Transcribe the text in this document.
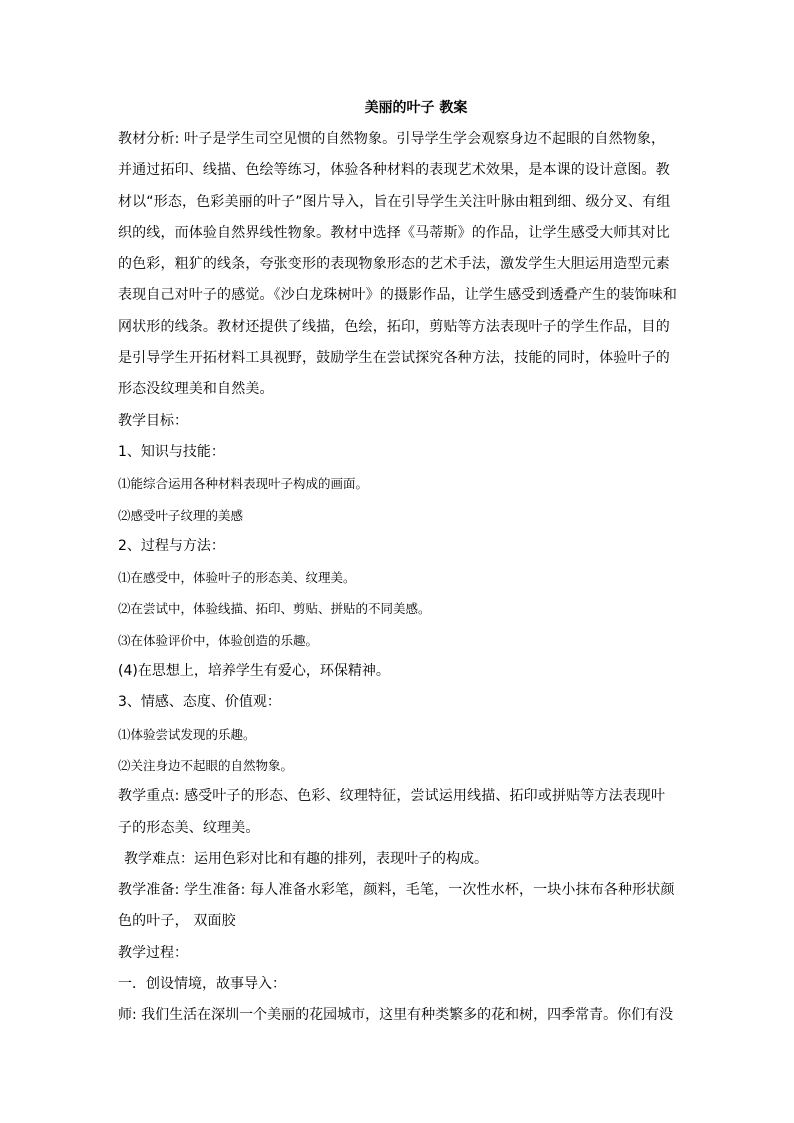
美丽的叶子 教案

教材分析: 叶子是学生司空见惯的自然物象。引导学生学会观察身边不起眼的自然物象，并通过拓印、线描、色绘等练习，体验各种材料的表现艺术效果，是本课的设计意图。教材以“形态，色彩美丽的叶子”图片导入，旨在引导学生关注叶脉由粗到细、级分叉、有组织的线，而体验自然界线性物象。教材中选择《马蒂斯》的作品，让学生感受大师其对比的色彩，粗犷的线条，夸张变形的表现物象形态的艺术手法，激发学生大胆运用造型元素表现自己对叶子的感觉。《沙白龙珠树叶》的摄影作品，让学生感受到透叠产生的装饰味和网状形的线条。教材还提供了线描，色绘，拓印，剪贴等方法表现叶子的学生作品，目的是引导学生开拓材料工具视野，鼓励学生在尝试探究各种方法，技能的同时，体验叶子的形态没纹理美和自然美。

教学目标：

1、知识与技能：

⑴能综合运用各种材料表现叶子构成的画面。

⑵感受叶子纹理的美感

2、过程与方法：

⑴在感受中，体验叶子的形态美、纹理美。

⑵在尝试中，体验线描、拓印、剪贴、拼贴的不同美感。

⑶在体验评价中，体验创造的乐趣。

(4)在思想上，培养学生有爱心，环保精神。

3、情感、态度、价值观：

⑴体验尝试发现的乐趣。

⑵关注身边不起眼的自然物象。

教学重点: 感受叶子的形态、色彩、纹理特征，尝试运用线描、拓印或拼贴等方法表现叶子的形态美、纹理美。

教学难点：运用色彩对比和有趣的排列，表现叶子的构成。

教学准备: 学生准备: 每人准备水彩笔，颜料，毛笔，一次性水杯，一块小抹布各种形状颜色的叶子， 双面胶

教学过程：

一．创设情境，故事导入：

师: 我们生活在深圳一个美丽的花园城市，这里有种类繁多的花和树，四季常青。你们有没
